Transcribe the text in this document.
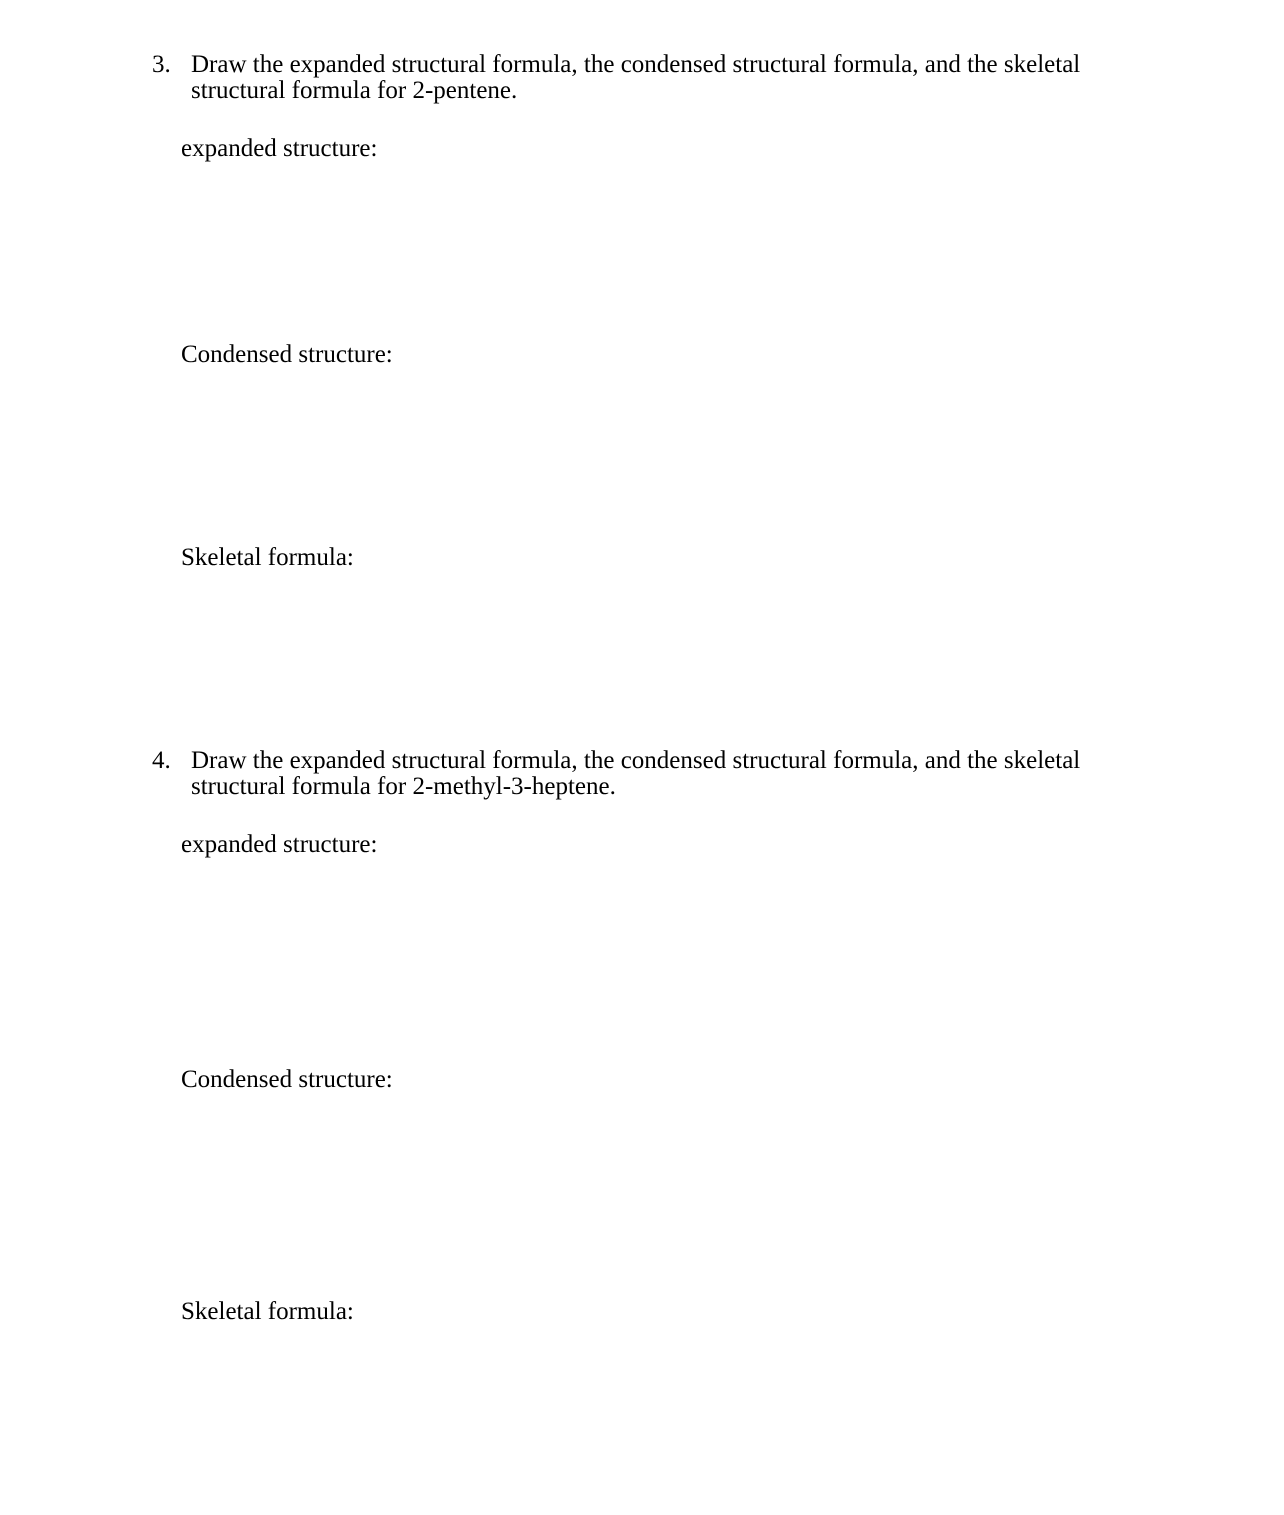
3. Draw the expanded structural formula, the condensed structural formula, and the skeletal
structural formula for 2-pentene.
expanded structure:
Condensed structure:
Skeletal formula:
4. Draw the expanded structural formula, the condensed structural formula, and the skeletal
structural formula for 2-methyl-3-heptene.
expanded structure:
Condensed structure:
Skeletal formula:
